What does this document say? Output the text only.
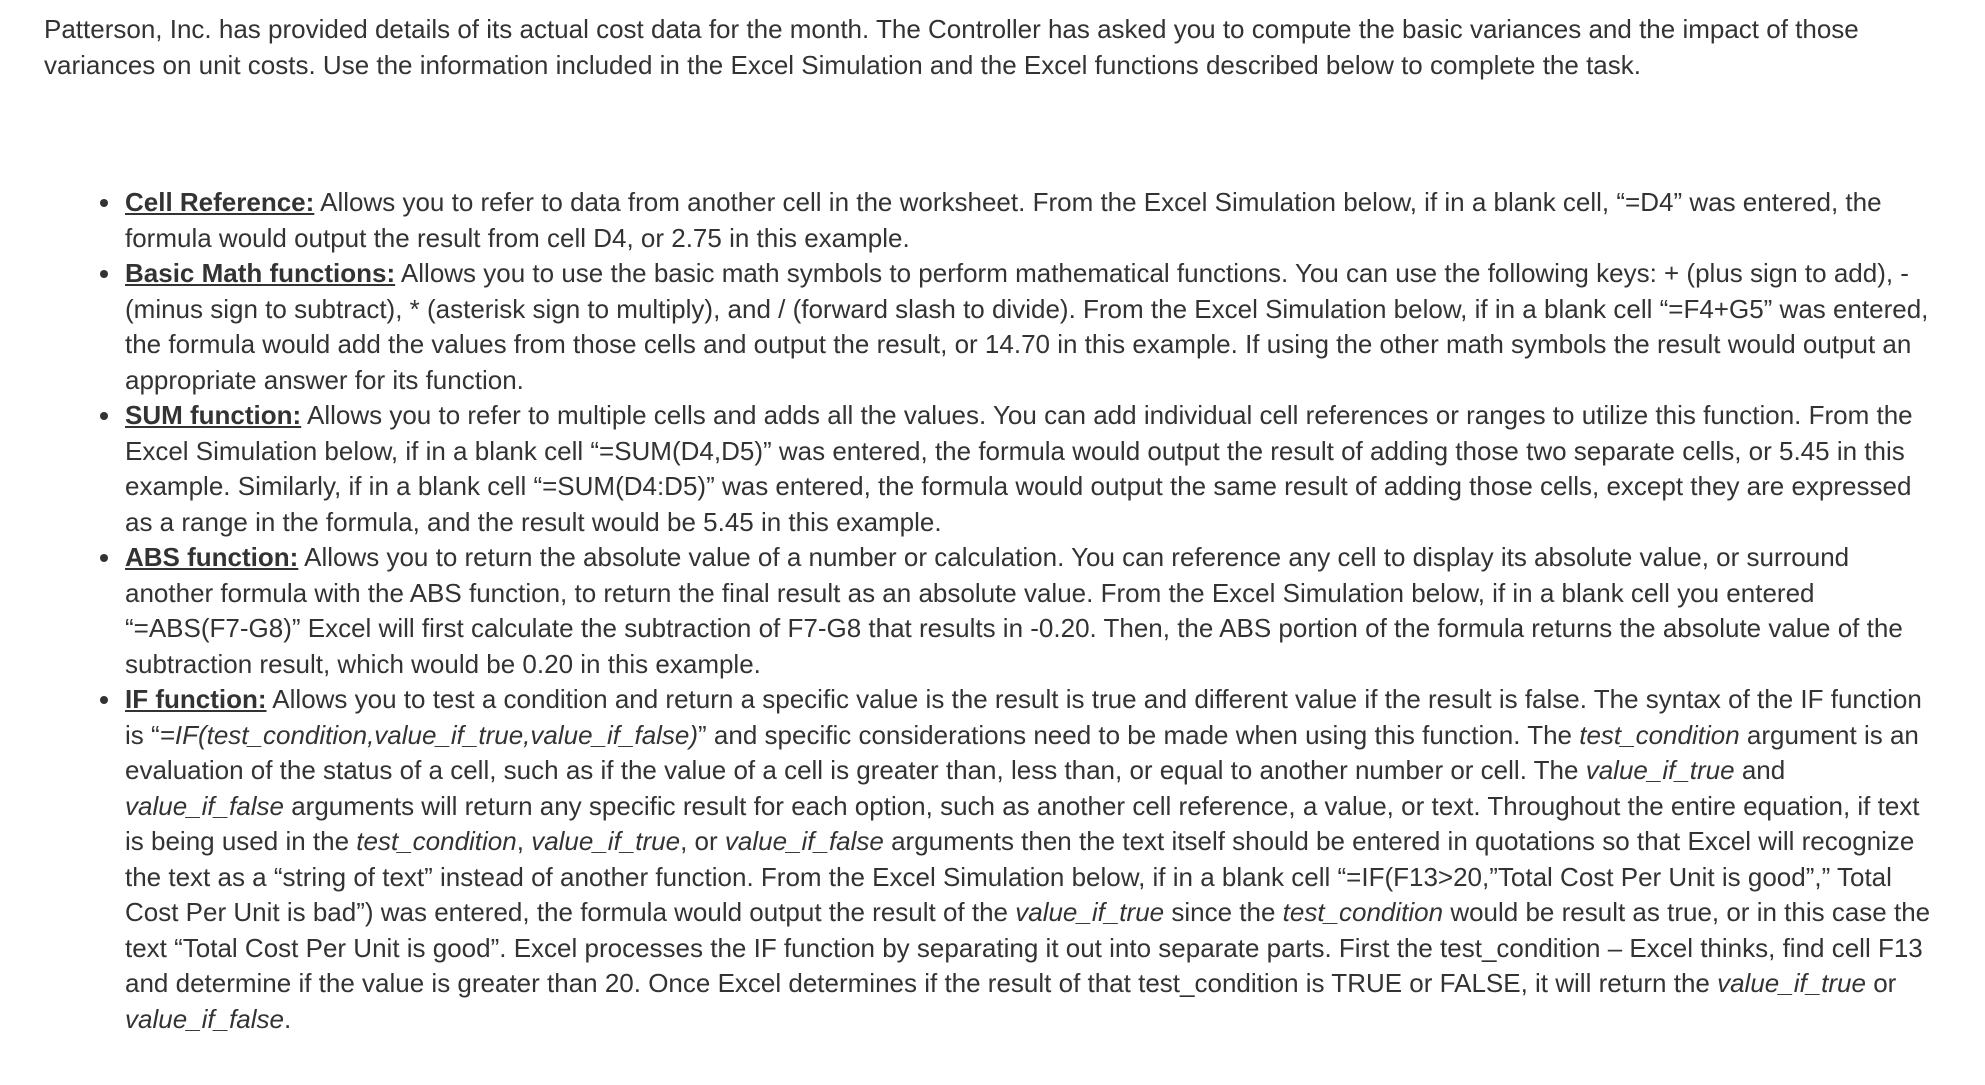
Patterson, Inc. has provided details of its actual cost data for the month. The Controller has asked you to compute the basic variances and the impact of those variances on unit costs. Use the information included in the Excel Simulation and the Excel functions described below to complete the task.

Cell Reference: Allows you to refer to data from another cell in the worksheet. From the Excel Simulation below, if in a blank cell, “=D4” was entered, the formula would output the result from cell D4, or 2.75 in this example.
Basic Math functions: Allows you to use the basic math symbols to perform mathematical functions. You can use the following keys: + (plus sign to add), - (minus sign to subtract), * (asterisk sign to multiply), and / (forward slash to divide). From the Excel Simulation below, if in a blank cell “=F4+G5” was entered, the formula would add the values from those cells and output the result, or 14.70 in this example. If using the other math symbols the result would output an appropriate answer for its function.
SUM function: Allows you to refer to multiple cells and adds all the values. You can add individual cell references or ranges to utilize this function. From the Excel Simulation below, if in a blank cell “=SUM(D4,D5)” was entered, the formula would output the result of adding those two separate cells, or 5.45 in this example. Similarly, if in a blank cell “=SUM(D4:D5)” was entered, the formula would output the same result of adding those cells, except they are expressed as a range in the formula, and the result would be 5.45 in this example.
ABS function: Allows you to return the absolute value of a number or calculation. You can reference any cell to display its absolute value, or surround another formula with the ABS function, to return the final result as an absolute value. From the Excel Simulation below, if in a blank cell you entered “=ABS(F7-G8)” Excel will first calculate the subtraction of F7-G8 that results in -0.20. Then, the ABS portion of the formula returns the absolute value of the subtraction result, which would be 0.20 in this example.
IF function: Allows you to test a condition and return a specific value is the result is true and different value if the result is false. The syntax of the IF function is “=IF(test_condition,value_if_true,value_if_false)” and specific considerations need to be made when using this function. The test_condition argument is an evaluation of the status of a cell, such as if the value of a cell is greater than, less than, or equal to another number or cell. The value_if_true and value_if_false arguments will return any specific result for each option, such as another cell reference, a value, or text. Throughout the entire equation, if text is being used in the test_condition, value_if_true, or value_if_false arguments then the text itself should be entered in quotations so that Excel will recognize the text as a “string of text” instead of another function. From the Excel Simulation below, if in a blank cell “=IF(F13>20,”Total Cost Per Unit is good”,” Total Cost Per Unit is bad”) was entered, the formula would output the result of the value_if_true since the test_condition would be result as true, or in this case the text “Total Cost Per Unit is good”. Excel processes the IF function by separating it out into separate parts. First the test_condition – Excel thinks, find cell F13 and determine if the value is greater than 20. Once Excel determines if the result of that test_condition is TRUE or FALSE, it will return the value_if_true or value_if_false.
